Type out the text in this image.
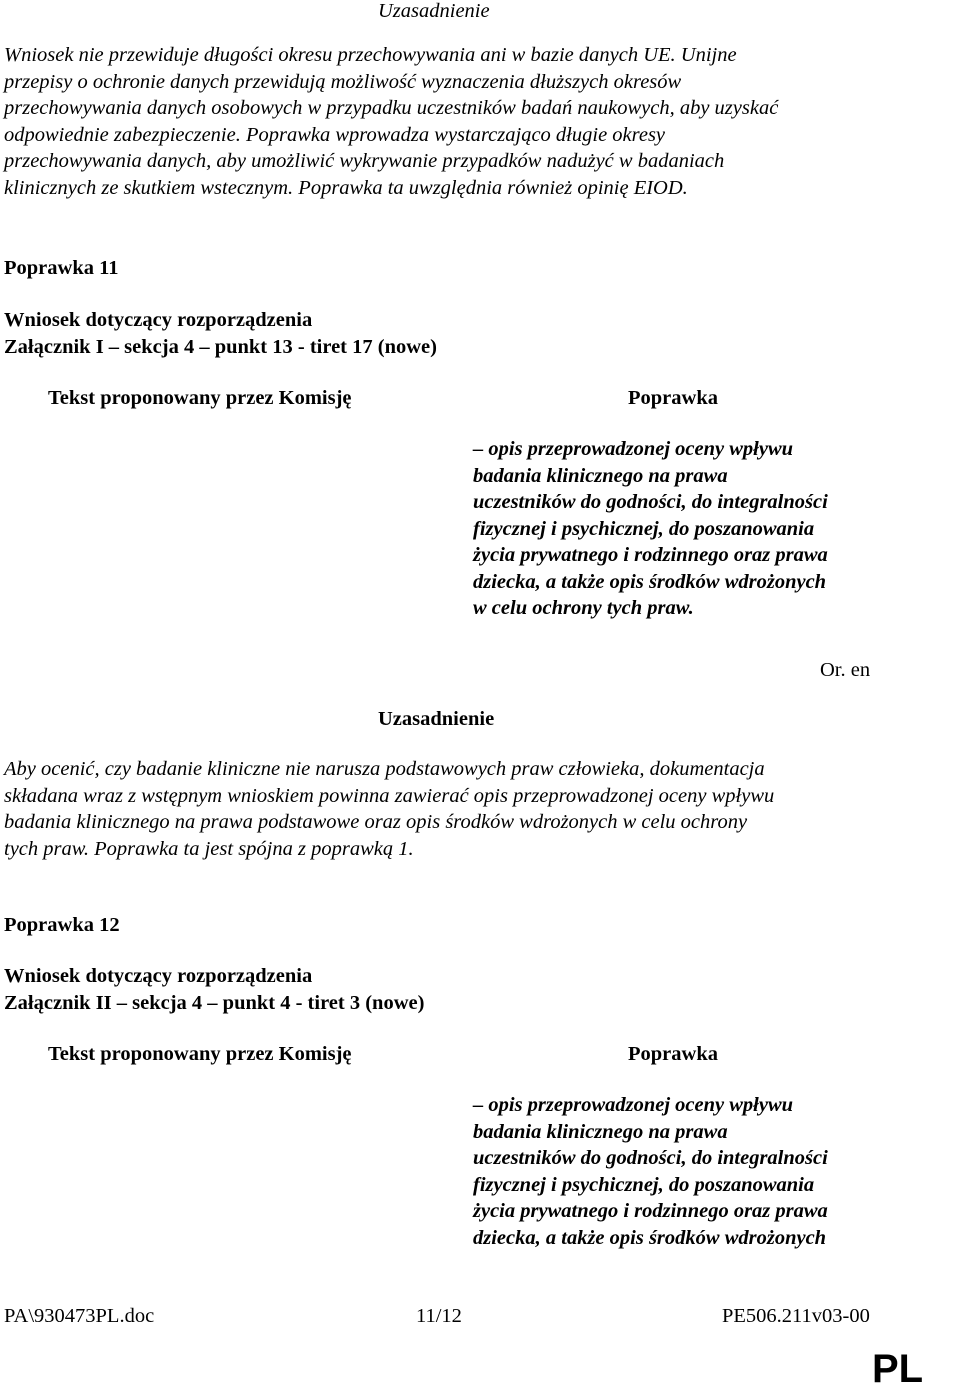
Uzasadnienie
Wniosek nie przewiduje długości okresu przechowywania ani w bazie danych UE. Unijne
przepisy o ochronie danych przewidują możliwość wyznaczenia dłuższych okresów
przechowywania danych osobowych w przypadku uczestników badań naukowych, aby uzyskać
odpowiednie zabezpieczenie. Poprawka wprowadza wystarczająco długie okresy
przechowywania danych, aby umożliwić wykrywanie przypadków nadużyć w badaniach
klinicznych ze skutkiem wstecznym. Poprawka ta uwzględnia również opinię EIOD.
Poprawka 11
Wniosek dotyczący rozporządzenia
Załącznik I – sekcja 4 – punkt 13 - tiret 17 (nowe)
Tekst proponowany przez Komisję	Poprawka
– opis przeprowadzonej oceny wpływu
badania klinicznego na prawa
uczestników do godności, do integralności
fizycznej i psychicznej, do poszanowania
życia prywatnego i rodzinnego oraz prawa
dziecka, a także opis środków wdrożonych
w celu ochrony tych praw.
Or. en
Uzasadnienie
Aby ocenić, czy badanie kliniczne nie narusza podstawowych praw człowieka, dokumentacja
składana wraz z wstępnym wnioskiem powinna zawierać opis przeprowadzonej oceny wpływu
badania klinicznego na prawa podstawowe oraz opis środków wdrożonych w celu ochrony
tych praw. Poprawka ta jest spójna z poprawką 1.
Poprawka 12
Wniosek dotyczący rozporządzenia
Załącznik II – sekcja 4 – punkt 4 - tiret 3 (nowe)
Tekst proponowany przez Komisję	Poprawka
– opis przeprowadzonej oceny wpływu
badania klinicznego na prawa
uczestników do godności, do integralności
fizycznej i psychicznej, do poszanowania
życia prywatnego i rodzinnego oraz prawa
dziecka, a także opis środków wdrożonych
PA\930473PL.doc	11/12	PE506.211v03-00
PL
